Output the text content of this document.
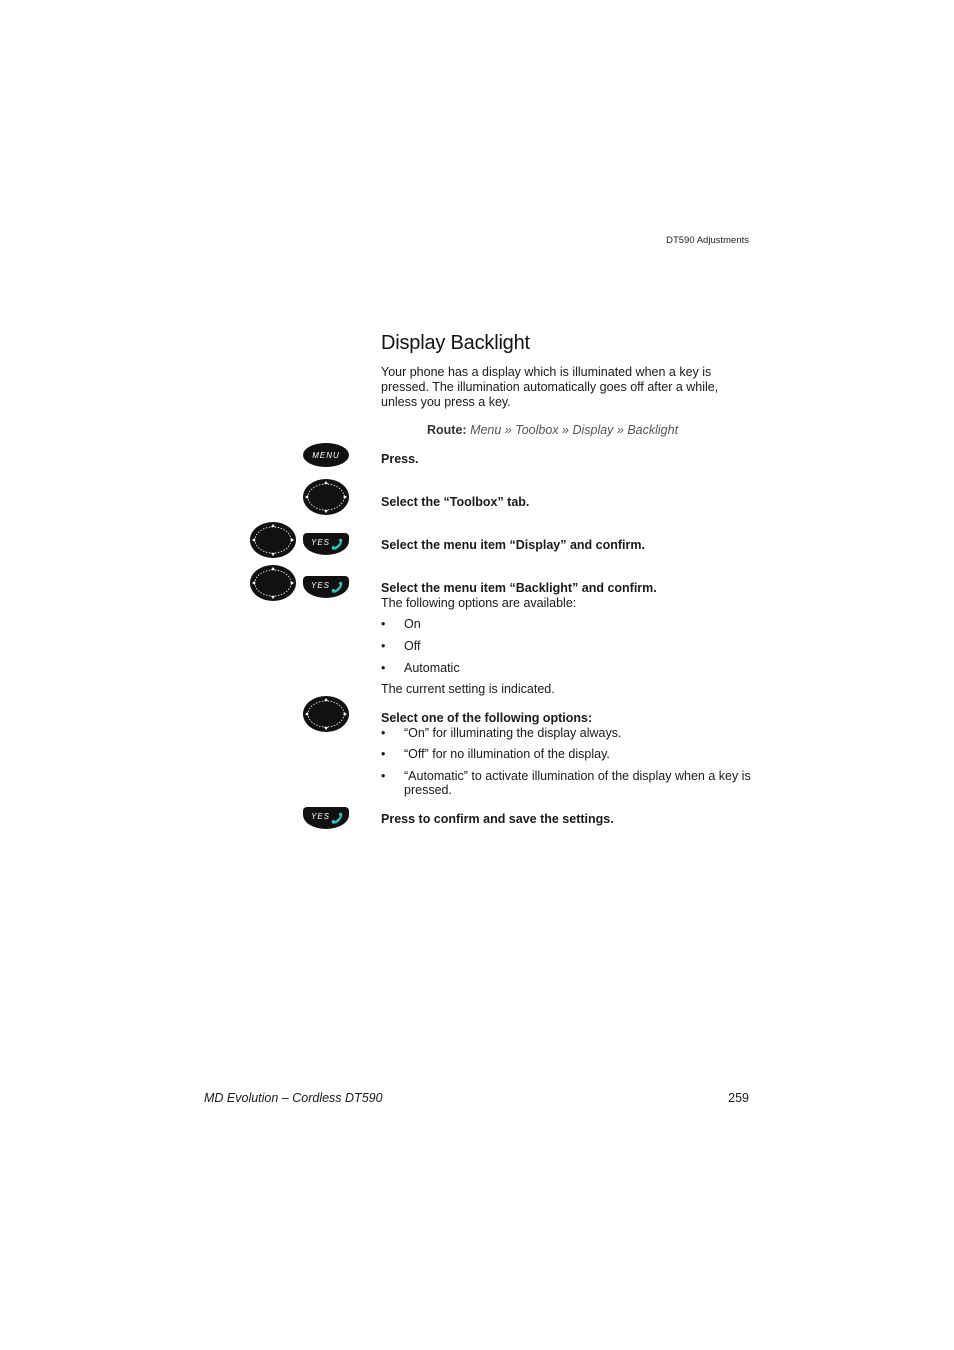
DT590 Adjustments
Display Backlight
Your phone has a display which is illuminated when a key is pressed. The illumination automatically goes off after a while, unless you press a key.
Route: Menu » Toolbox » Display » Backlight
MENU	Press.
Select the “Toolbox” tab.
YES	Select the menu item “Display” and confirm.
YES	Select the menu item “Backlight” and confirm.
The following options are available:
• On
• Off
• Automatic
The current setting is indicated.
Select one of the following options:
• “On” for illuminating the display always.
• “Off” for no illumination of the display.
• “Automatic” to activate illumination of the display when a key is pressed.
YES	Press to confirm and save the settings.
MD Evolution – Cordless DT590	259
